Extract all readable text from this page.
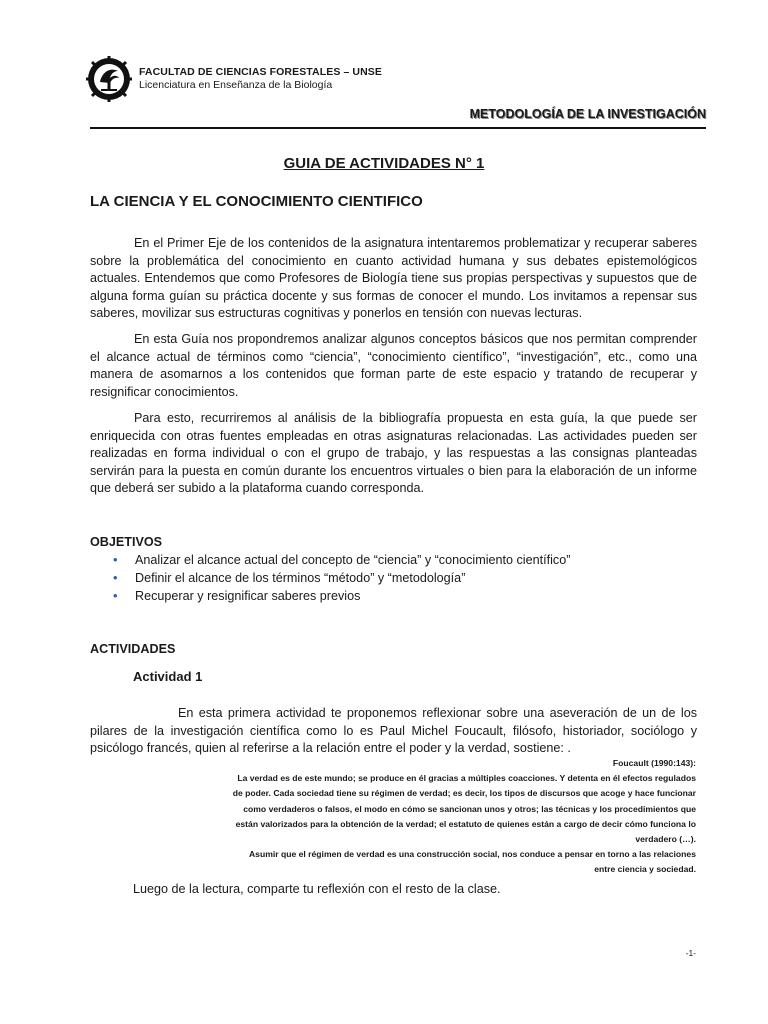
FACULTAD DE CIENCIAS FORESTALES – UNSE
Licenciatura en Enseñanza de la Biología
METODOLOGÍA DE LA INVESTIGACIÓN
GUIA DE ACTIVIDADES N° 1
LA CIENCIA Y EL CONOCIMIENTO CIENTIFICO

En el Primer Eje de los contenidos de la asignatura intentaremos problematizar y recuperar saberes sobre la problemática del conocimiento en cuanto actividad humana y sus debates epistemológicos actuales. Entendemos que como Profesores de Biología tiene sus propias perspectivas y supuestos que de alguna forma guían su práctica docente y sus formas de conocer el mundo. Los invitamos a repensar sus saberes, movilizar sus estructuras cognitivas y ponerlos en tensión con nuevas lecturas.

En esta Guía nos propondremos analizar algunos conceptos básicos que nos permitan comprender el alcance actual de términos como “ciencia”, “conocimiento científico”, “investigación”, etc., como una manera de asomarnos a los contenidos que forman parte de este espacio y tratando de recuperar y resignificar conocimientos.

Para esto, recurriremos al análisis de la bibliografía propuesta en esta guía, la que puede ser enriquecida con otras fuentes empleadas en otras asignaturas relacionadas. Las actividades pueden ser realizadas en forma individual o con el grupo de trabajo, y las respuestas a las consignas planteadas servirán para la puesta en común durante los encuentros virtuales o bien para la elaboración de un informe que deberá ser subido a la plataforma cuando corresponda.

OBJETIVOS
• Analizar el alcance actual del concepto de “ciencia” y “conocimiento científico”
• Definir el alcance de los términos “método” y “metodología”
• Recuperar y resignificar saberes previos
ACTIVIDADES
Actividad 1

En esta primera actividad te proponemos reflexionar sobre una aseveración de un de los pilares de la investigación científica como lo es Paul Michel Foucault, filósofo, historiador, sociólogo y psicólogo francés, quien al referirse a la relación entre el poder y la verdad, sostiene: .

Foucault (1990:143):
La verdad es de este mundo; se produce en él gracias a múltiples coacciones. Y detenta en él efectos regulados de poder. Cada sociedad tiene su régimen de verdad; es decir, los tipos de discursos que acoge y hace funcionar como verdaderos o falsos, el modo en cómo se sancionan unos y otros; las técnicas y los procedimientos que están valorizados para la obtención de la verdad; el estatuto de quienes están a cargo de decir cómo funciona lo verdadero (…).
Asumir que el régimen de verdad es una construcción social, nos conduce a pensar en torno a las relaciones entre ciencia y sociedad.
Luego de la lectura, comparte tu reflexión con el resto de la clase.
-1-
